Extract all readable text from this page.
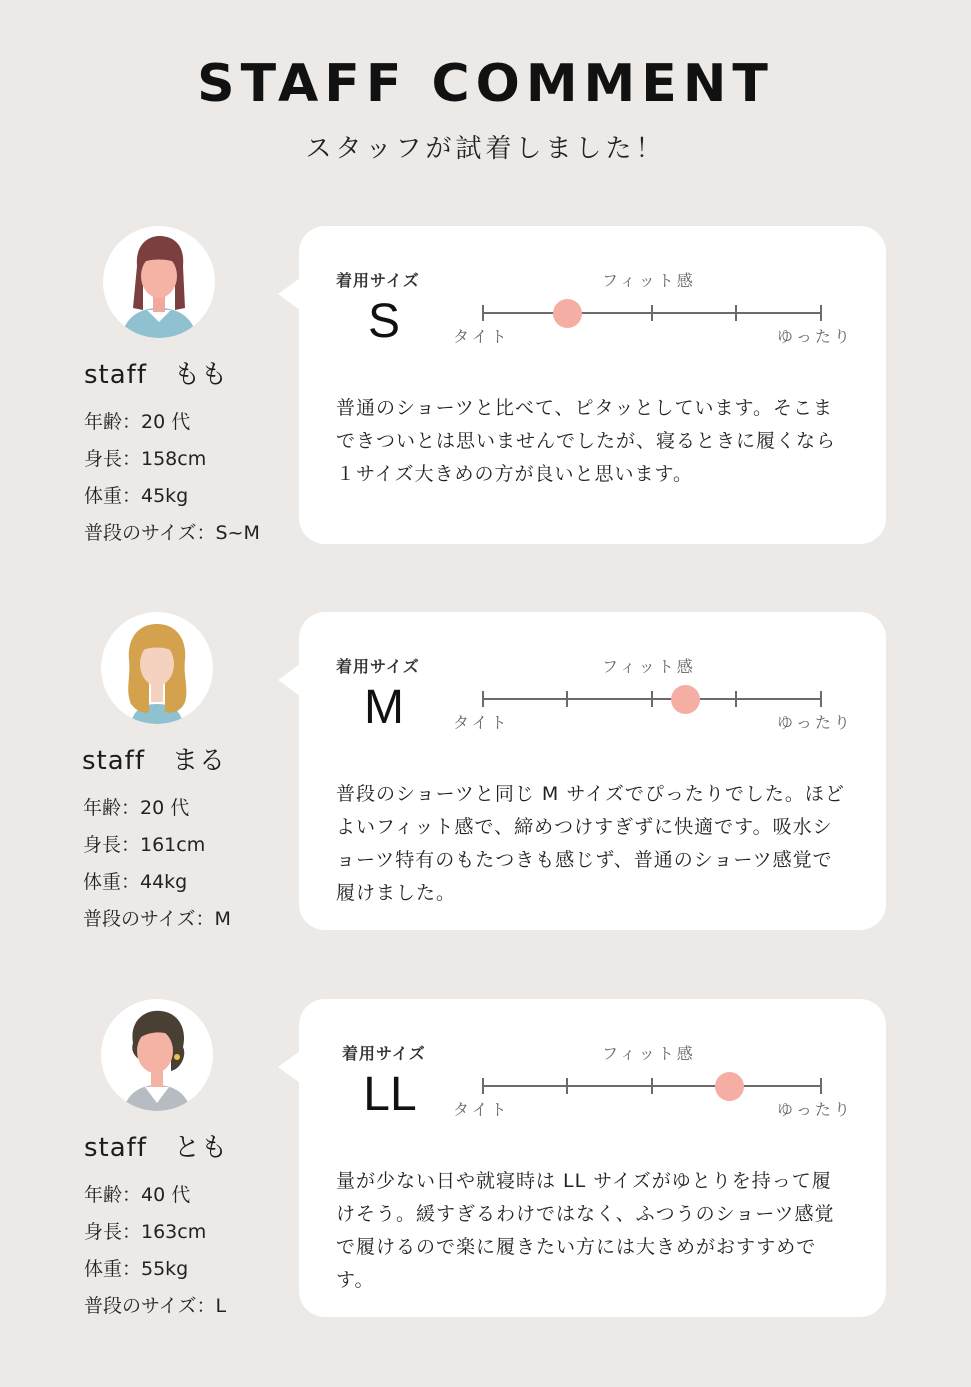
STAFF COMMENT
スタッフが試着しました！
staff　もも
年齢：20 代
身長：158cm
体重：45kg
普段のサイズ：S~M
着用サイズ
S
フィット感
タイト	ゆったり

普通のショーツと比べて、ピタッとしています。そこまできついとは思いませんでしたが、寝るときに履くなら１サイズ大きめの方が良いと思います。

staff　まる
年齢：20 代
身長：161cm
体重：44kg
普段のサイズ：M
着用サイズ
M
フィット感
タイト	ゆったり

普段のショーツと同じ M サイズでぴったりでした。ほどよいフィット感で、締めつけすぎずに快適です。吸水ショーツ特有のもたつきも感じず、普通のショーツ感覚で履けました。

staff　とも
年齢：40 代
身長：163cm
体重：55kg
普段のサイズ：L
着用サイズ
LL
フィット感
タイト	ゆったり

量が少ない日や就寝時は LL サイズがゆとりを持って履けそう。緩すぎるわけではなく、ふつうのショーツ感覚で履けるので楽に履きたい方には大きめがおすすめです。
